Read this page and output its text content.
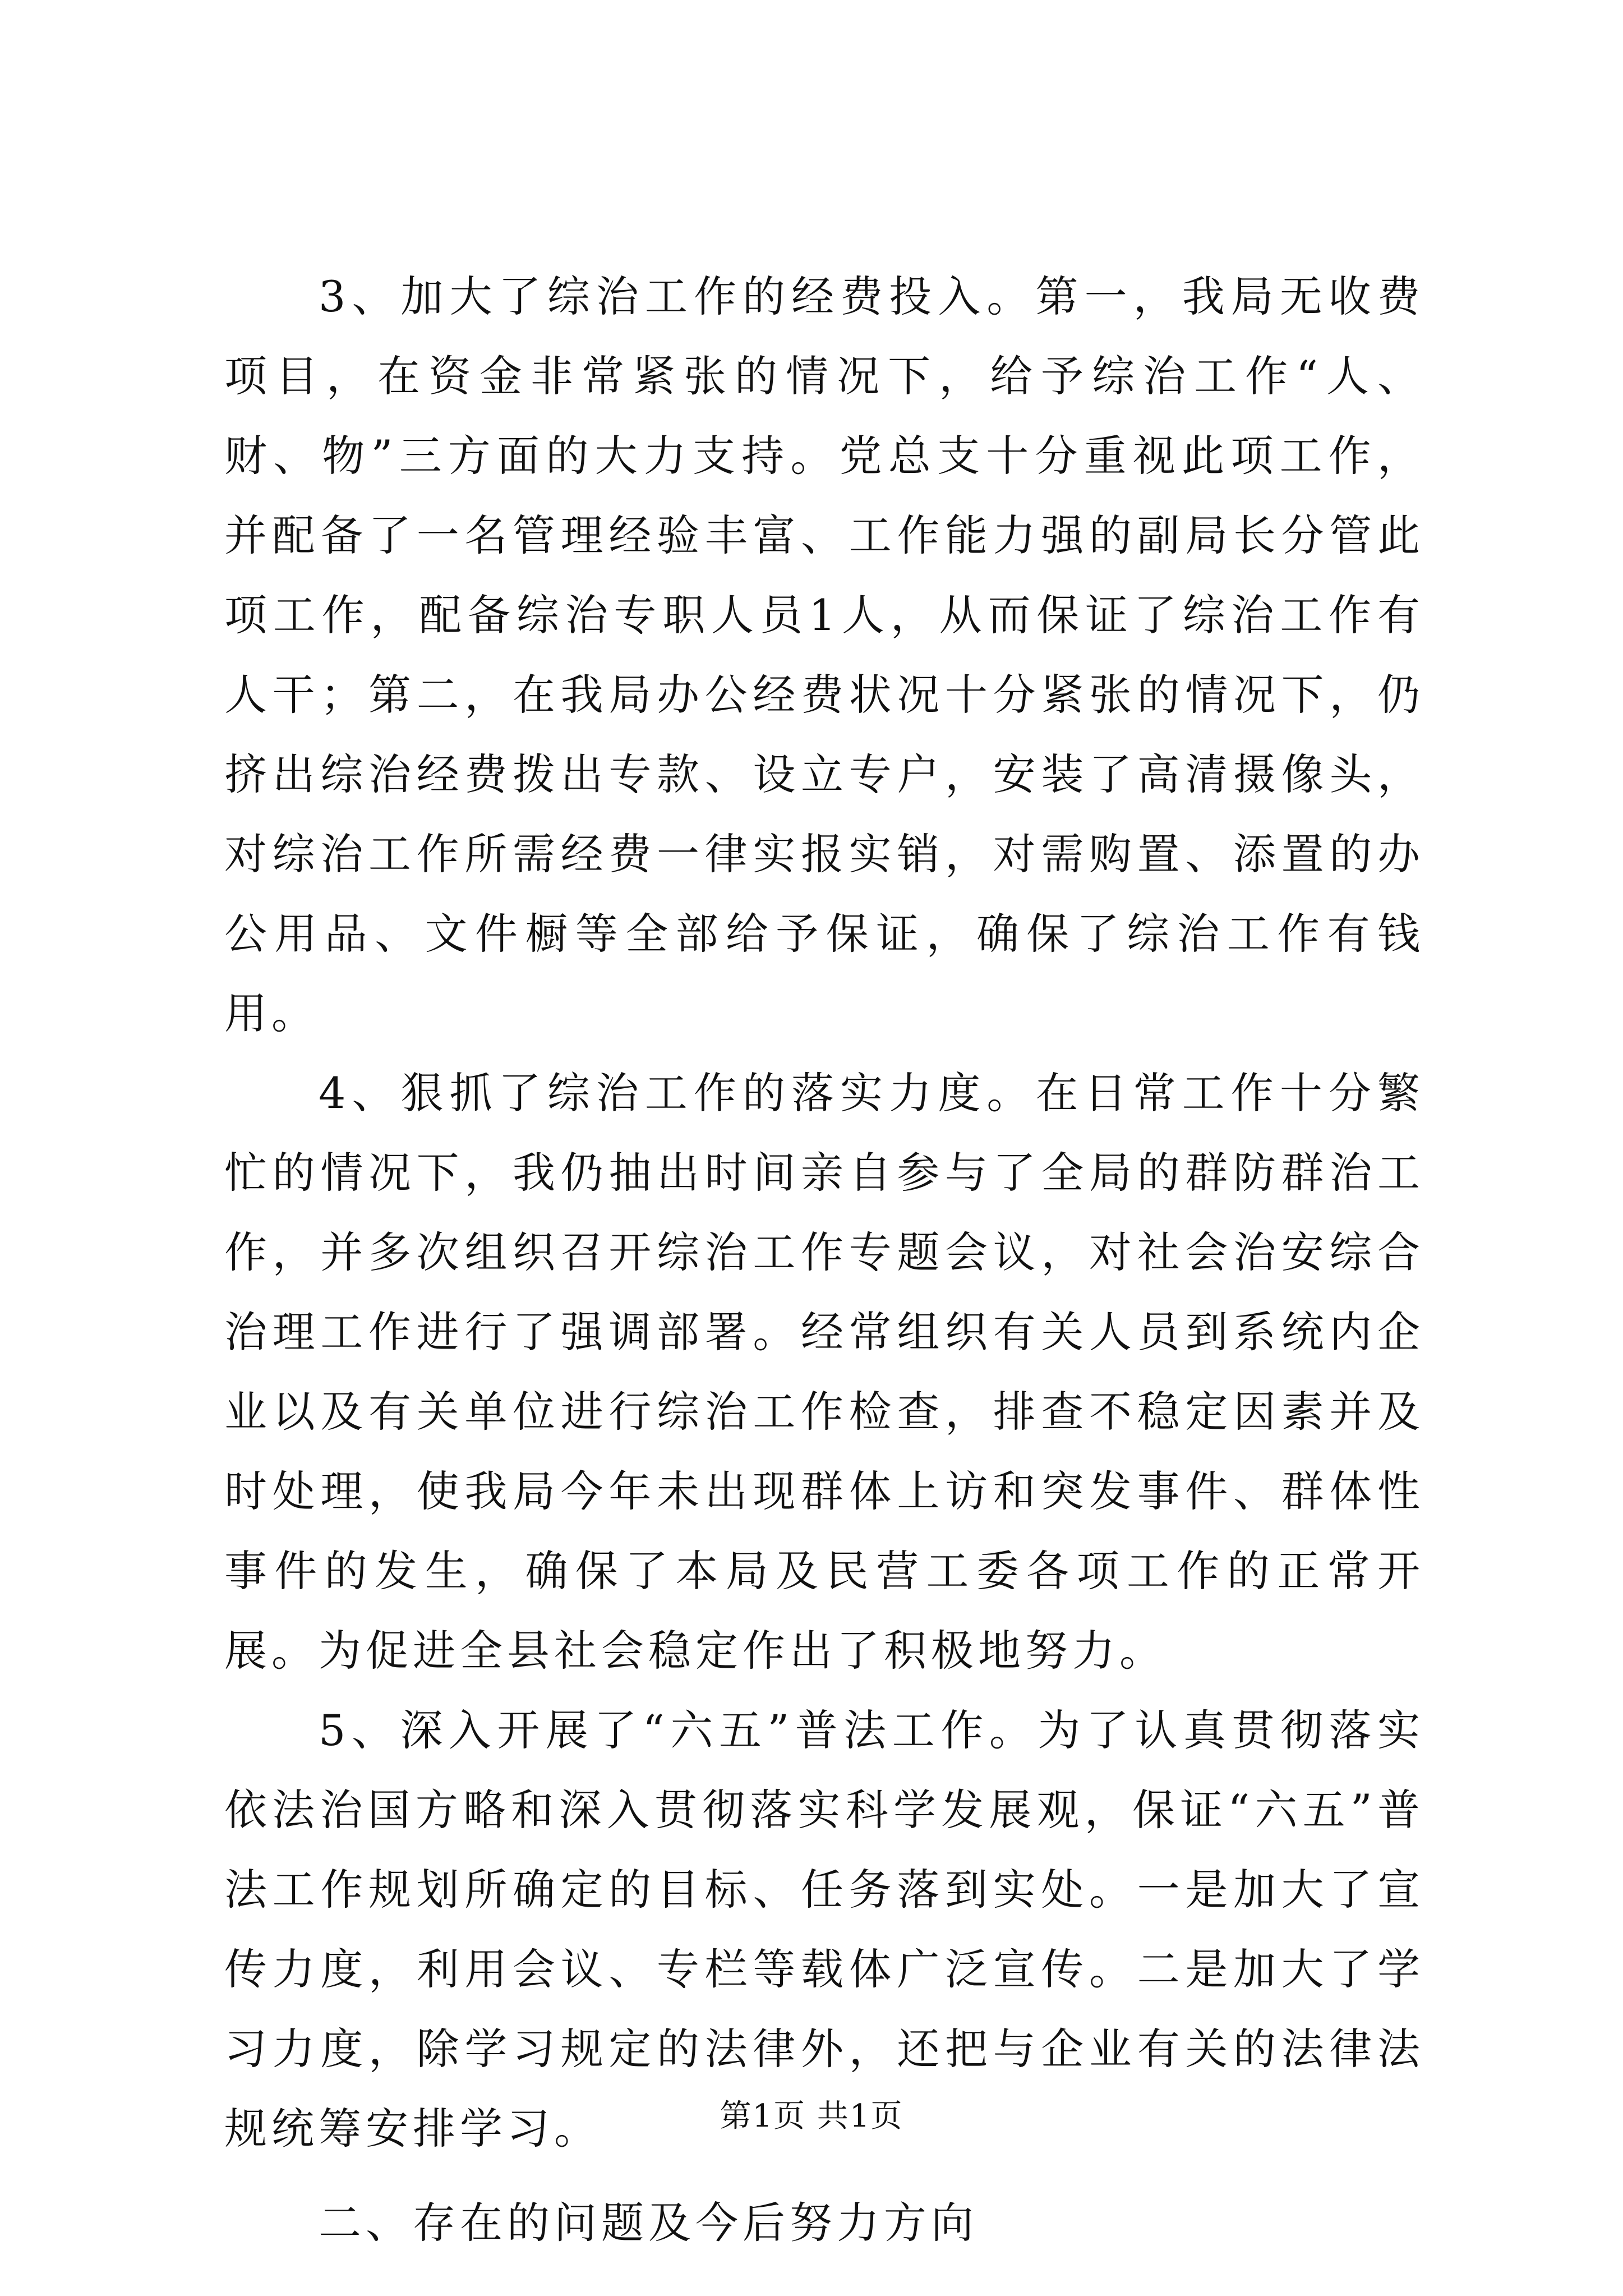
3、加大了综治工作的经费投入。第一，我局无收费项目，在资金非常紧张的情况下，给予综治工作“人、财、物”三方面的大力支持。党总支十分重视此项工作，并配备了一名管理经验丰富、工作能力强的副局长分管此项工作，配备综治专职人员1人，从而保证了综治工作有人干；第二，在我局办公经费状况十分紧张的情况下，仍挤出综治经费拨出专款、设立专户，安装了高清摄像头，对综治工作所需经费一律实报实销，对需购置、添置的办公用品、文件橱等全部给予保证，确保了综治工作有钱用。

4、狠抓了综治工作的落实力度。在日常工作十分繁忙的情况下，我仍抽出时间亲自参与了全局的群防群治工作，并多次组织召开综治工作专题会议，对社会治安综合治理工作进行了强调部署。经常组织有关人员到系统内企业以及有关单位进行综治工作检查，排查不稳定因素并及时处理，使我局今年未出现群体上访和突发事件、群体性事件的发生，确保了本局及民营工委各项工作的正常开展。为促进全县社会稳定作出了积极地努力。

5、深入开展了“六五”普法工作。为了认真贯彻落实依法治国方略和深入贯彻落实科学发展观，保证“六五”普法工作规划所确定的目标、任务落到实处。一是加大了宣传力度，利用会议、专栏等载体广泛宣传。二是加大了学习力度，除学习规定的法律外，还把与企业有关的法律法规统筹安排学习。

二、存在的问题及今后努力方向

第1页 共1页
